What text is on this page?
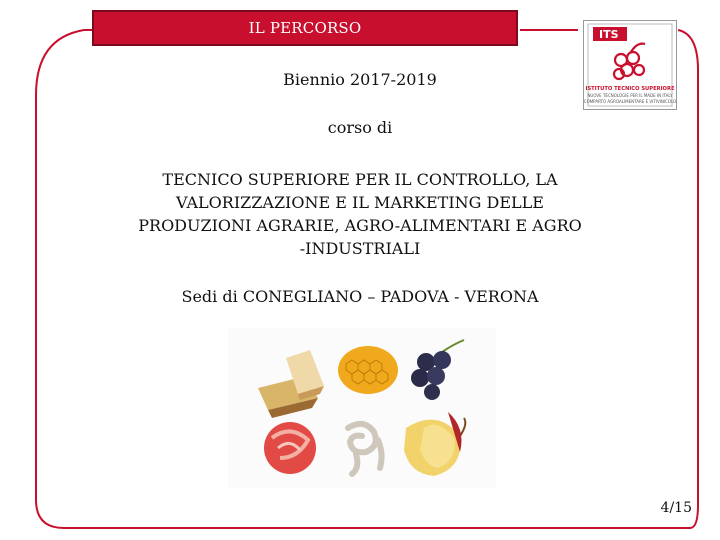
IL PERCORSO	ITS
ISTITUTO TECNICO SUPERIORE
NUOVE TECNOLOGIE PER IL MADE IN ITALY
COMPARTO AGROALIMENTARE E VITIVINICOLO
Biennio 2017-2019
corso di
TECNICO SUPERIORE PER IL CONTROLLO, LA
VALORIZZAZIONE E IL MARKETING DELLE
PRODUZIONI AGRARIE, AGRO-ALIMENTARI E AGRO
-INDUSTRIALI
Sedi di CONEGLIANO – PADOVA - VERONA
4/15
